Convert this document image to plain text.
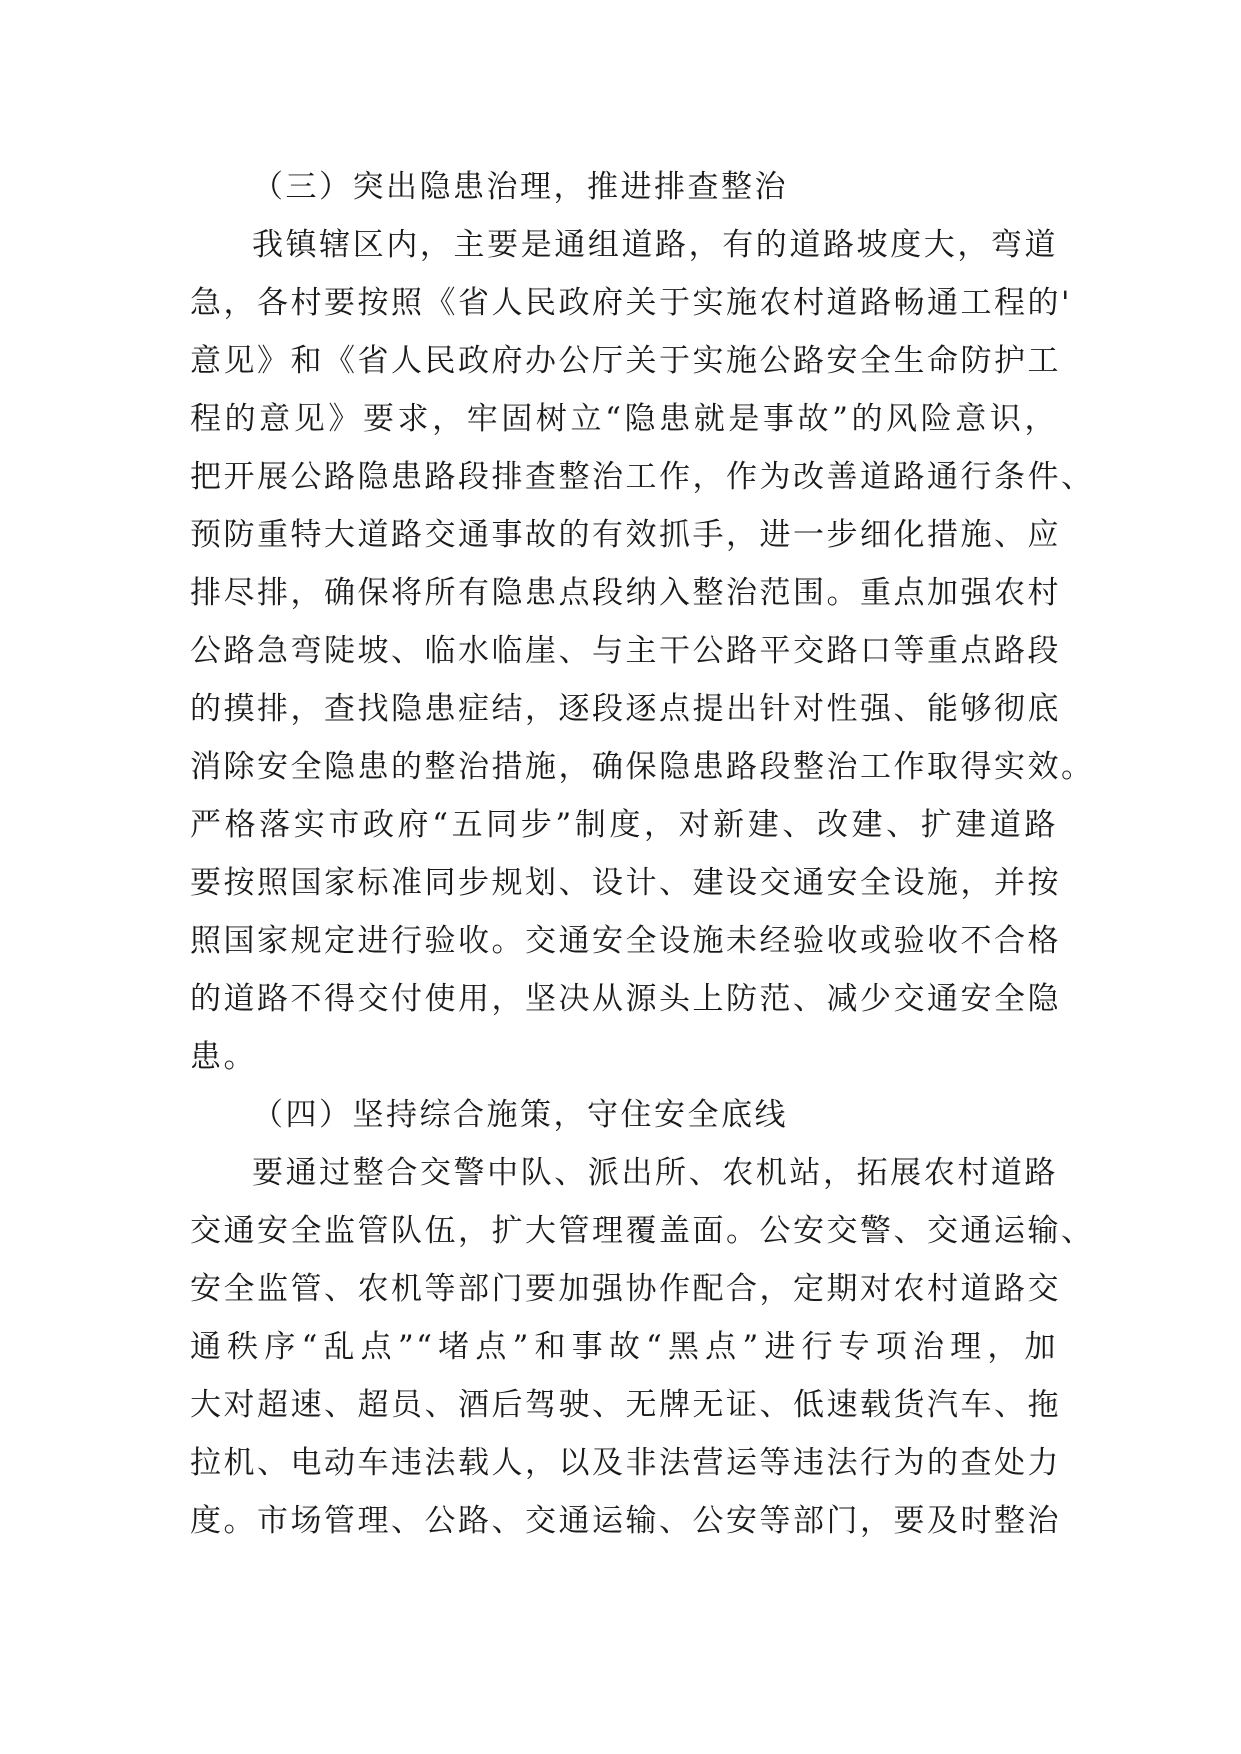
（三）突出隐患治理，推进排查整治
我镇辖区内，主要是通组道路，有的道路坡度大，弯道
急，各村要按照《省人民政府关于实施农村道路畅通工程的'
意见》和《省人民政府办公厅关于实施公路安全生命防护工
程的意见》要求，牢固树立“隐患就是事故”的风险意识，
把开展公路隐患路段排查整治工作，作为改善道路通行条件、
预防重特大道路交通事故的有效抓手，进一步细化措施、应
排尽排，确保将所有隐患点段纳入整治范围。重点加强农村
公路急弯陡坡、临水临崖、与主干公路平交路口等重点路段
的摸排，查找隐患症结，逐段逐点提出针对性强、能够彻底
消除安全隐患的整治措施，确保隐患路段整治工作取得实效。
严格落实市政府“五同步”制度，对新建、改建、扩建道路
要按照国家标准同步规划、设计、建设交通安全设施，并按
照国家规定进行验收。交通安全设施未经验收或验收不合格
的道路不得交付使用，坚决从源头上防范、减少交通安全隐
患。
（四）坚持综合施策，守住安全底线
要通过整合交警中队、派出所、农机站，拓展农村道路
交通安全监管队伍，扩大管理覆盖面。公安交警、交通运输、
安全监管、农机等部门要加强协作配合，定期对农村道路交
通秩序“乱点”“堵点”和事故“黑点”进行专项治理，加
大对超速、超员、酒后驾驶、无牌无证、低速载货汽车、拖
拉机、电动车违法载人，以及非法营运等违法行为的查处力
度。市场管理、公路、交通运输、公安等部门，要及时整治
